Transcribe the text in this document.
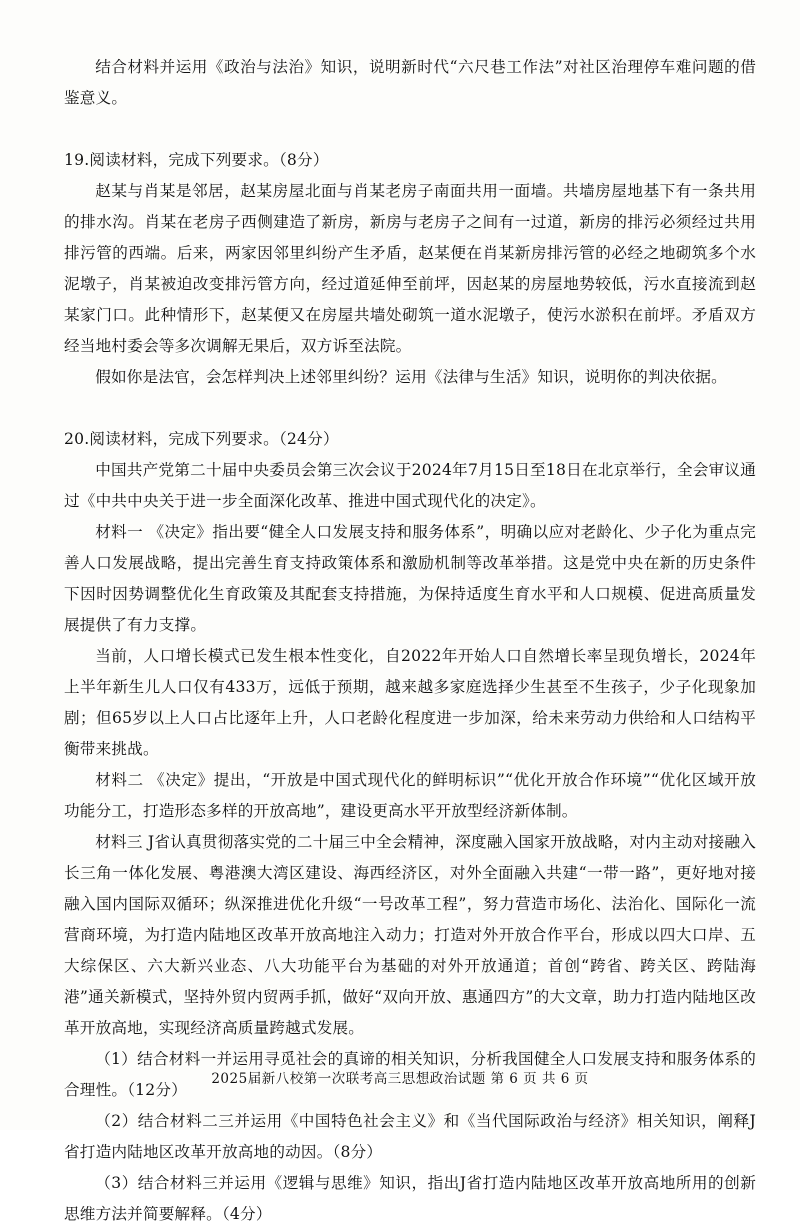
结合材料并运用《政治与法治》知识，说明新时代“六尺巷工作法”对社区治理停车难问题的借鉴意义。

19.阅读材料，完成下列要求。（8分）

赵某与肖某是邻居，赵某房屋北面与肖某老房子南面共用一面墙。共墙房屋地基下有一条共用的排水沟。肖某在老房子西侧建造了新房，新房与老房子之间有一过道，新房的排污必须经过共用排污管的西端。后来，两家因邻里纠纷产生矛盾，赵某便在肖某新房排污管的必经之地砌筑多个水泥墩子，肖某被迫改变排污管方向，经过道延伸至前坪，因赵某的房屋地势较低，污水直接流到赵某家门口。此种情形下，赵某便又在房屋共墙处砌筑一道水泥墩子，使污水淤积在前坪。矛盾双方经当地村委会等多次调解无果后，双方诉至法院。

假如你是法官，会怎样判决上述邻里纠纷？运用《法律与生活》知识，说明你的判决依据。

20.阅读材料，完成下列要求。（24分）

中国共产党第二十届中央委员会第三次会议于2024年7月15日至18日在北京举行，全会审议通过《中共中央关于进一步全面深化改革、推进中国式现代化的决定》。

材料一 《决定》指出要“健全人口发展支持和服务体系”，明确以应对老龄化、少子化为重点完善人口发展战略，提出完善生育支持政策体系和激励机制等改革举措。这是党中央在新的历史条件下因时因势调整优化生育政策及其配套支持措施，为保持适度生育水平和人口规模、促进高质量发展提供了有力支撑。

当前，人口增长模式已发生根本性变化，自2022年开始人口自然增长率呈现负增长，2024年上半年新生儿人口仅有433万，远低于预期，越来越多家庭选择少生甚至不生孩子，少子化现象加剧；但65岁以上人口占比逐年上升，人口老龄化程度进一步加深，给未来劳动力供给和人口结构平衡带来挑战。

材料二 《决定》提出，“开放是中国式现代化的鲜明标识”“优化开放合作环境”“优化区域开放功能分工，打造形态多样的开放高地”，建设更高水平开放型经济新体制。

材料三 J省认真贯彻落实党的二十届三中全会精神，深度融入国家开放战略，对内主动对接融入长三角一体化发展、粤港澳大湾区建设、海西经济区，对外全面融入共建“一带一路”，更好地对接融入国内国际双循环；纵深推进优化升级“一号改革工程”，努力营造市场化、法治化、国际化一流营商环境，为打造内陆地区改革开放高地注入动力；打造对外开放合作平台，形成以四大口岸、五大综保区、六大新兴业态、八大功能平台为基础的对外开放通道；首创“跨省、跨关区、跨陆海港”通关新模式，坚持外贸内贸两手抓，做好“双向开放、惠通四方”的大文章，助力打造内陆地区改革开放高地，实现经济高质量跨越式发展。

（1）结合材料一并运用寻觅社会的真谛的相关知识，分析我国健全人口发展支持和服务体系的合理性。（12分）

（2）结合材料二三并运用《中国特色社会主义》和《当代国际政治与经济》相关知识，阐释J省打造内陆地区改革开放高地的动因。（8分）

（3）结合材料三并运用《逻辑与思维》知识，指出J省打造内陆地区改革开放高地所用的创新思维方法并简要解释。（4分）

2025届新八校第一次联考高三思想政治试题 第 6 页 共 6 页
